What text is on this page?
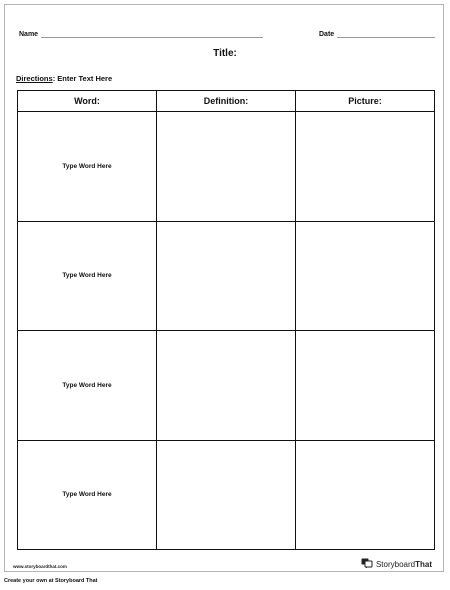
Name	Date
Title:
Directions: Enter Text Here
Word:	Definition:	Picture:
Type Word Here		
Type Word Here		
Type Word Here		
Type Word Here		
www.storyboardthat.com	StoryboardThat
Create your own at Storyboard That
